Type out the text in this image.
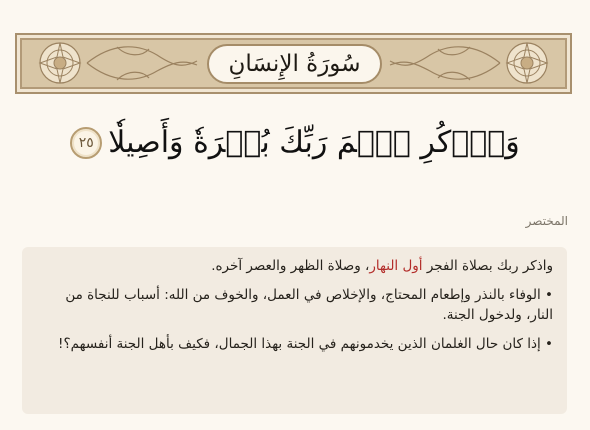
سُورَةُ الإِنسَانِ
وَٱذۡكُرِ ٱسۡمَ رَبِّكَ بُكۡرَةٗ وَأَصِيلٗا
٢٥
المختصر

واذكر ربك بصلاة الفجر أول النهار، وصلاة الظهر والعصر آخره.

• الوفاء بالنذر وإطعام المحتاج، والإخلاص في العمل، والخوف من الله: أسباب للنجاة من النار، ولدخول الجنة.

• إذا كان حال الغلمان الذين يخدمونهم في الجنة بهذا الجمال، فكيف بأهل الجنة أنفسهم؟!
